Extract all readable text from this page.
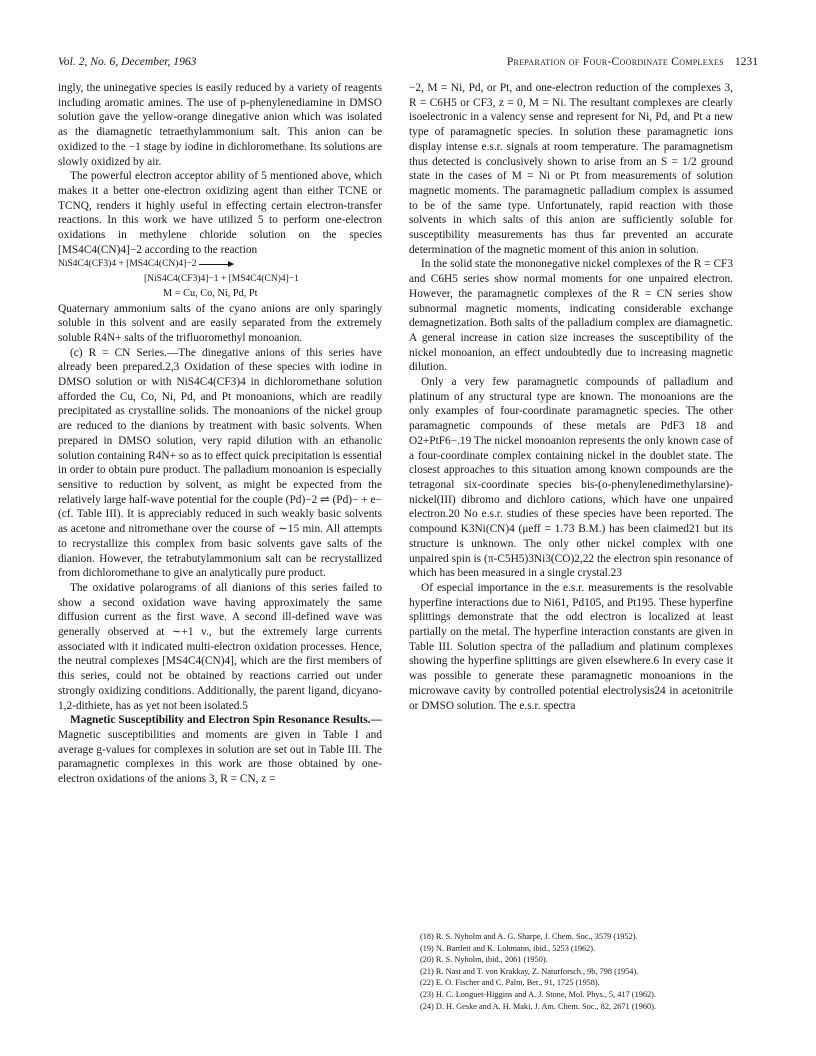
Vol. 2, No. 6, December, 1963	Preparation of Four-Coordinate Complexes 1231

ingly, the uninegative species is easily reduced by a variety of reagents including aromatic amines. The use of p-phenylenediamine in DMSO solution gave the yellow-orange dinegative anion which was isolated as the diamagnetic tetraethylammonium salt. This anion can be oxidized to the −1 stage by iodine in dichloromethane. Its solutions are slowly oxidized by air.

The powerful electron acceptor ability of 5 mentioned above, which makes it a better one-electron oxidizing agent than either TCNE or TCNQ, renders it highly useful in effecting certain electron-transfer reactions. In this work we have utilized 5 to perform one-electron oxidations in methylene chloride solution on the species [MS4C4(CN)4]−2 according to the reaction

NiS4C4(CF3)4 + [MS4C4(CN)4]−2 →
[NiS4C4(CF3)4]−1 + [MS4C4(CN)4]−1
M = Cu, Co, Ni, Pd, Pt

Quaternary ammonium salts of the cyano anions are only sparingly soluble in this solvent and are easily separated from the extremely soluble R4N+ salts of the trifluoromethyl monoanion.

(c) R = CN Series.—The dinegative anions of this series have already been prepared.2,3 Oxidation of these species with iodine in DMSO solution or with NiS4C4(CF3)4 in dichloromethane solution afforded the Cu, Co, Ni, Pd, and Pt monoanions, which are readily precipitated as crystalline solids. The monoanions of the nickel group are reduced to the dianions by treatment with basic solvents. When prepared in DMSO solution, very rapid dilution with an ethanolic solution containing R4N+ so as to effect quick precipitation is essential in order to obtain pure product. The palladium monoanion is especially sensitive to reduction by solvent, as might be expected from the relatively large half-wave potential for the couple (Pd)−2 ⇌ (Pd)− + e− (cf. Table III). It is appreciably reduced in such weakly basic solvents as acetone and nitromethane over the course of ∼15 min. All attempts to recrystallize this complex from basic solvents gave salts of the dianion. However, the tetrabutylammonium salt can be recrystallized from dichloromethane to give an analytically pure product.

The oxidative polarograms of all dianions of this series failed to show a second oxidation wave having approximately the same diffusion current as the first wave. A second ill-defined wave was generally observed at ∼+1 v., but the extremely large currents associated with it indicated multi-electron oxidation processes. Hence, the neutral complexes [MS4C4(CN)4], which are the first members of this series, could not be obtained by reactions carried out under strongly oxidizing conditions. Additionally, the parent ligand, dicyano-1,2-dithiete, has as yet not been isolated.5

Magnetic Susceptibility and Electron Spin Resonance Results.—Magnetic susceptibilities and moments are given in Table I and average g-values for complexes in solution are set out in Table III. The paramagnetic complexes in this work are those obtained by one-electron oxidations of the anions 3, R = CN, z =

−2, M = Ni, Pd, or Pt, and one-electron reduction of the complexes 3, R = C6H5 or CF3, z = 0, M = Ni. The resultant complexes are clearly isoelectronic in a valency sense and represent for Ni, Pd, and Pt a new type of paramagnetic species. In solution these paramagnetic ions display intense e.s.r. signals at room temperature. The paramagnetism thus detected is conclusively shown to arise from an S = 1/2 ground state in the cases of M = Ni or Pt from measurements of solution magnetic moments. The paramagnetic palladium complex is assumed to be of the same type. Unfortunately, rapid reaction with those solvents in which salts of this anion are sufficiently soluble for susceptibility measurements has thus far prevented an accurate determination of the magnetic moment of this anion in solution.

In the solid state the mononegative nickel complexes of the R = CF3 and C6H5 series show normal moments for one unpaired electron. However, the paramagnetic complexes of the R = CN series show subnormal magnetic moments, indicating considerable exchange demagnetization. Both salts of the palladium complex are diamagnetic. A general increase in cation size increases the susceptibility of the nickel monoanion, an effect undoubtedly due to increasing magnetic dilution.

Only a very few paramagnetic compounds of palladium and platinum of any structural type are known. The monoanions are the only examples of four-coordinate paramagnetic species. The other paramagnetic compounds of these metals are PdF3 18 and O2+PtF6−.19 The nickel monoanion represents the only known case of a four-coordinate complex containing nickel in the doublet state. The closest approaches to this situation among known compounds are the tetragonal six-coordinate species bis-(o-phenylenedimethylarsine)-nickel(III) dibromo and dichloro cations, which have one unpaired electron.20 No e.s.r. studies of these species have been reported. The compound K3Ni(CN)4 (μeff = 1.73 B.M.) has been claimed21 but its structure is unknown. The only other nickel complex with one unpaired spin is (π-C5H5)3Ni3(CO)2,22 the electron spin resonance of which has been measured in a single crystal.23

Of especial importance in the e.s.r. measurements is the resolvable hyperfine interactions due to Ni61, Pd105, and Pt195. These hyperfine splittings demonstrate that the odd electron is localized at least partially on the metal. The hyperfine interaction constants are given in Table III. Solution spectra of the palladium and platinum complexes showing the hyperfine splittings are given elsewhere.6 In every case it was possible to generate these paramagnetic monoanions in the microwave cavity by controlled potential electrolysis24 in acetonitrile or DMSO solution. The e.s.r. spectra

(18) R. S. Nyholm and A. G. Sharpe, J. Chem. Soc., 3579 (1952).
(19) N. Bartlett and K. Lohmann, ibid., 5253 (1962).
(20) R. S. Nyholm, ibid., 2061 (1950).
(21) R. Nast and T. von Krakkay, Z. Naturforsch., 9b, 798 (1954).
(22) E. O. Fischer and C. Palm, Ber., 91, 1725 (1958).
(23) H. C. Longuet-Higgins and A. J. Stone, Mol. Phys., 5, 417 (1962).
(24) D. H. Geske and A. H. Maki, J. Am. Chem. Soc., 82, 2671 (1960).
